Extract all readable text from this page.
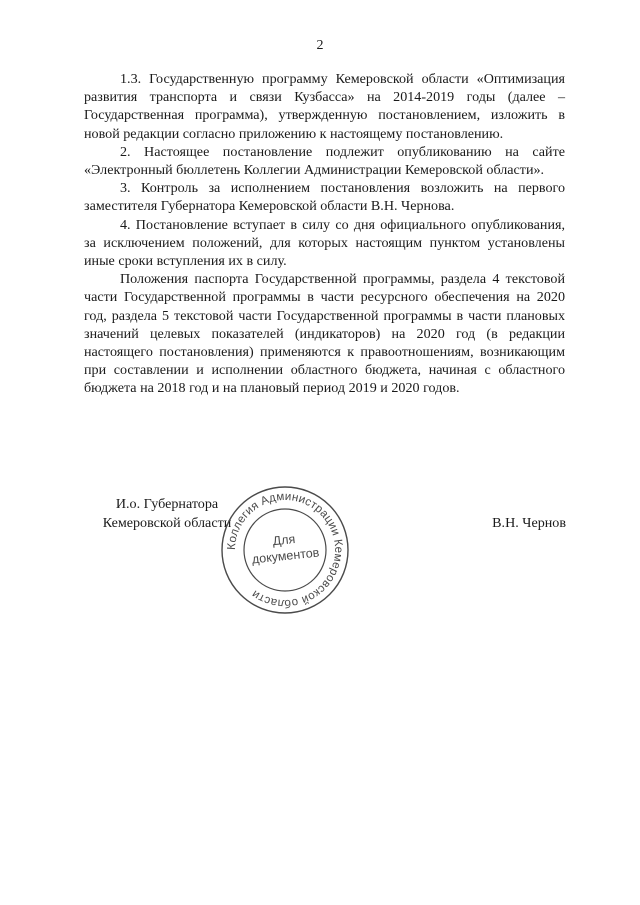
2

1.3. Государственную программу Кемеровской области «Оптимизация развития транспорта и связи Кузбасса» на 2014-2019 годы (далее – Государственная программа), утвержденную постановлением, изложить в новой редакции согласно приложению к настоящему постановлению.

2. Настоящее постановление подлежит опубликованию на сайте «Электронный бюллетень Коллегии Администрации Кемеровской области».

3. Контроль за исполнением постановления возложить на первого заместителя Губернатора Кемеровской области В.Н. Чернова.

4. Постановление вступает в силу со дня официального опубликования, за исключением положений, для которых настоящим пунктом установлены иные сроки вступления их в силу.

Положения паспорта Государственной программы, раздела 4 текстовой части Государственной программы в части ресурсного обеспечения на 2020 год, раздела 5 текстовой части Государственной программы в части плановых значений целевых показателей (индикаторов) на 2020 год (в редакции настоящего постановления) применяются к правоотношениям, возникающим при составлении и исполнении областного бюджета, начиная с областного бюджета на 2018 год и на плановый период 2019 и 2020 годов.

И.о. Губернатора
Кемеровской области
Коллегия Администрации Кемеровской области
Для
документов
В.Н. Чернов
